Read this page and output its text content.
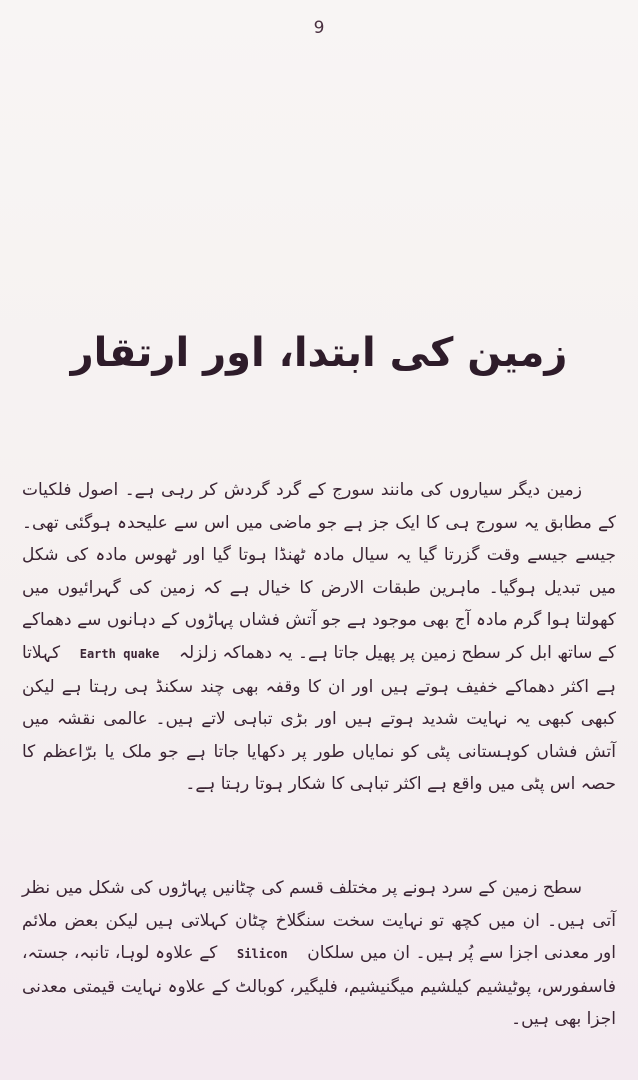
9
زمین کی ابتدا، اور ارتقار
زمین دیگر سیاروں کی مانند سورج کے گرد گردش کر رہی ہے۔ اصول فلکیات کے مطابق یہ سورج ہی کا ایک جز ہے جو ماضی میں اس سے علیحدہ ہوگئی تھی۔ جیسے جیسے وقت گزرتا گیا یہ سیال مادہ ٹھنڈا ہوتا گیا اور ٹھوس مادہ کی شکل میں تبدیل ہوگیا۔ ماہرین طبقات الارض کا خیال ہے کہ زمین کی گہرائیوں میں کھولتا ہوا گرم مادہ آج بھی موجود ہے جو آتش فشاں پہاڑوں کے دہانوں سے دھماکے کے ساتھ ابل کر سطح زمین پر پھیل جاتا ہے۔ یہ دھماکہ زلزلہ Earth quake کہلاتا ہے اکثر دھماکے خفیف ہوتے ہیں اور ان کا وقفہ بھی چند سکنڈ ہی رہتا ہے لیکن کبھی کبھی یہ نہایت شدید ہوتے ہیں اور بڑی تباہی لاتے ہیں۔ عالمی نقشہ میں آتش فشاں کوہستانی پٹی کو نمایاں طور پر دکھایا جاتا ہے جو ملک یا برّاعظم کا حصہ اس پٹی میں واقع ہے اکثر تباہی کا شکار ہوتا رہتا ہے۔
سطح زمین کے سرد ہونے پر مختلف قسم کی چٹانیں پہاڑوں کی شکل میں نظر آتی ہیں۔ ان میں کچھ تو نہایت سخت سنگلاخ چٹان کہلاتی ہیں لیکن بعض ملائم اور معدنی اجزا سے پُر ہیں۔ ان میں سلکان Silicon کے علاوہ لوہا، تانبہ، جستہ، فاسفورس، پوٹیشیم کیلشیم میگنیشیم، فلیگیر، کوبالٹ کے علاوہ نہایت قیمتی معدنی اجزا بھی ہیں۔
